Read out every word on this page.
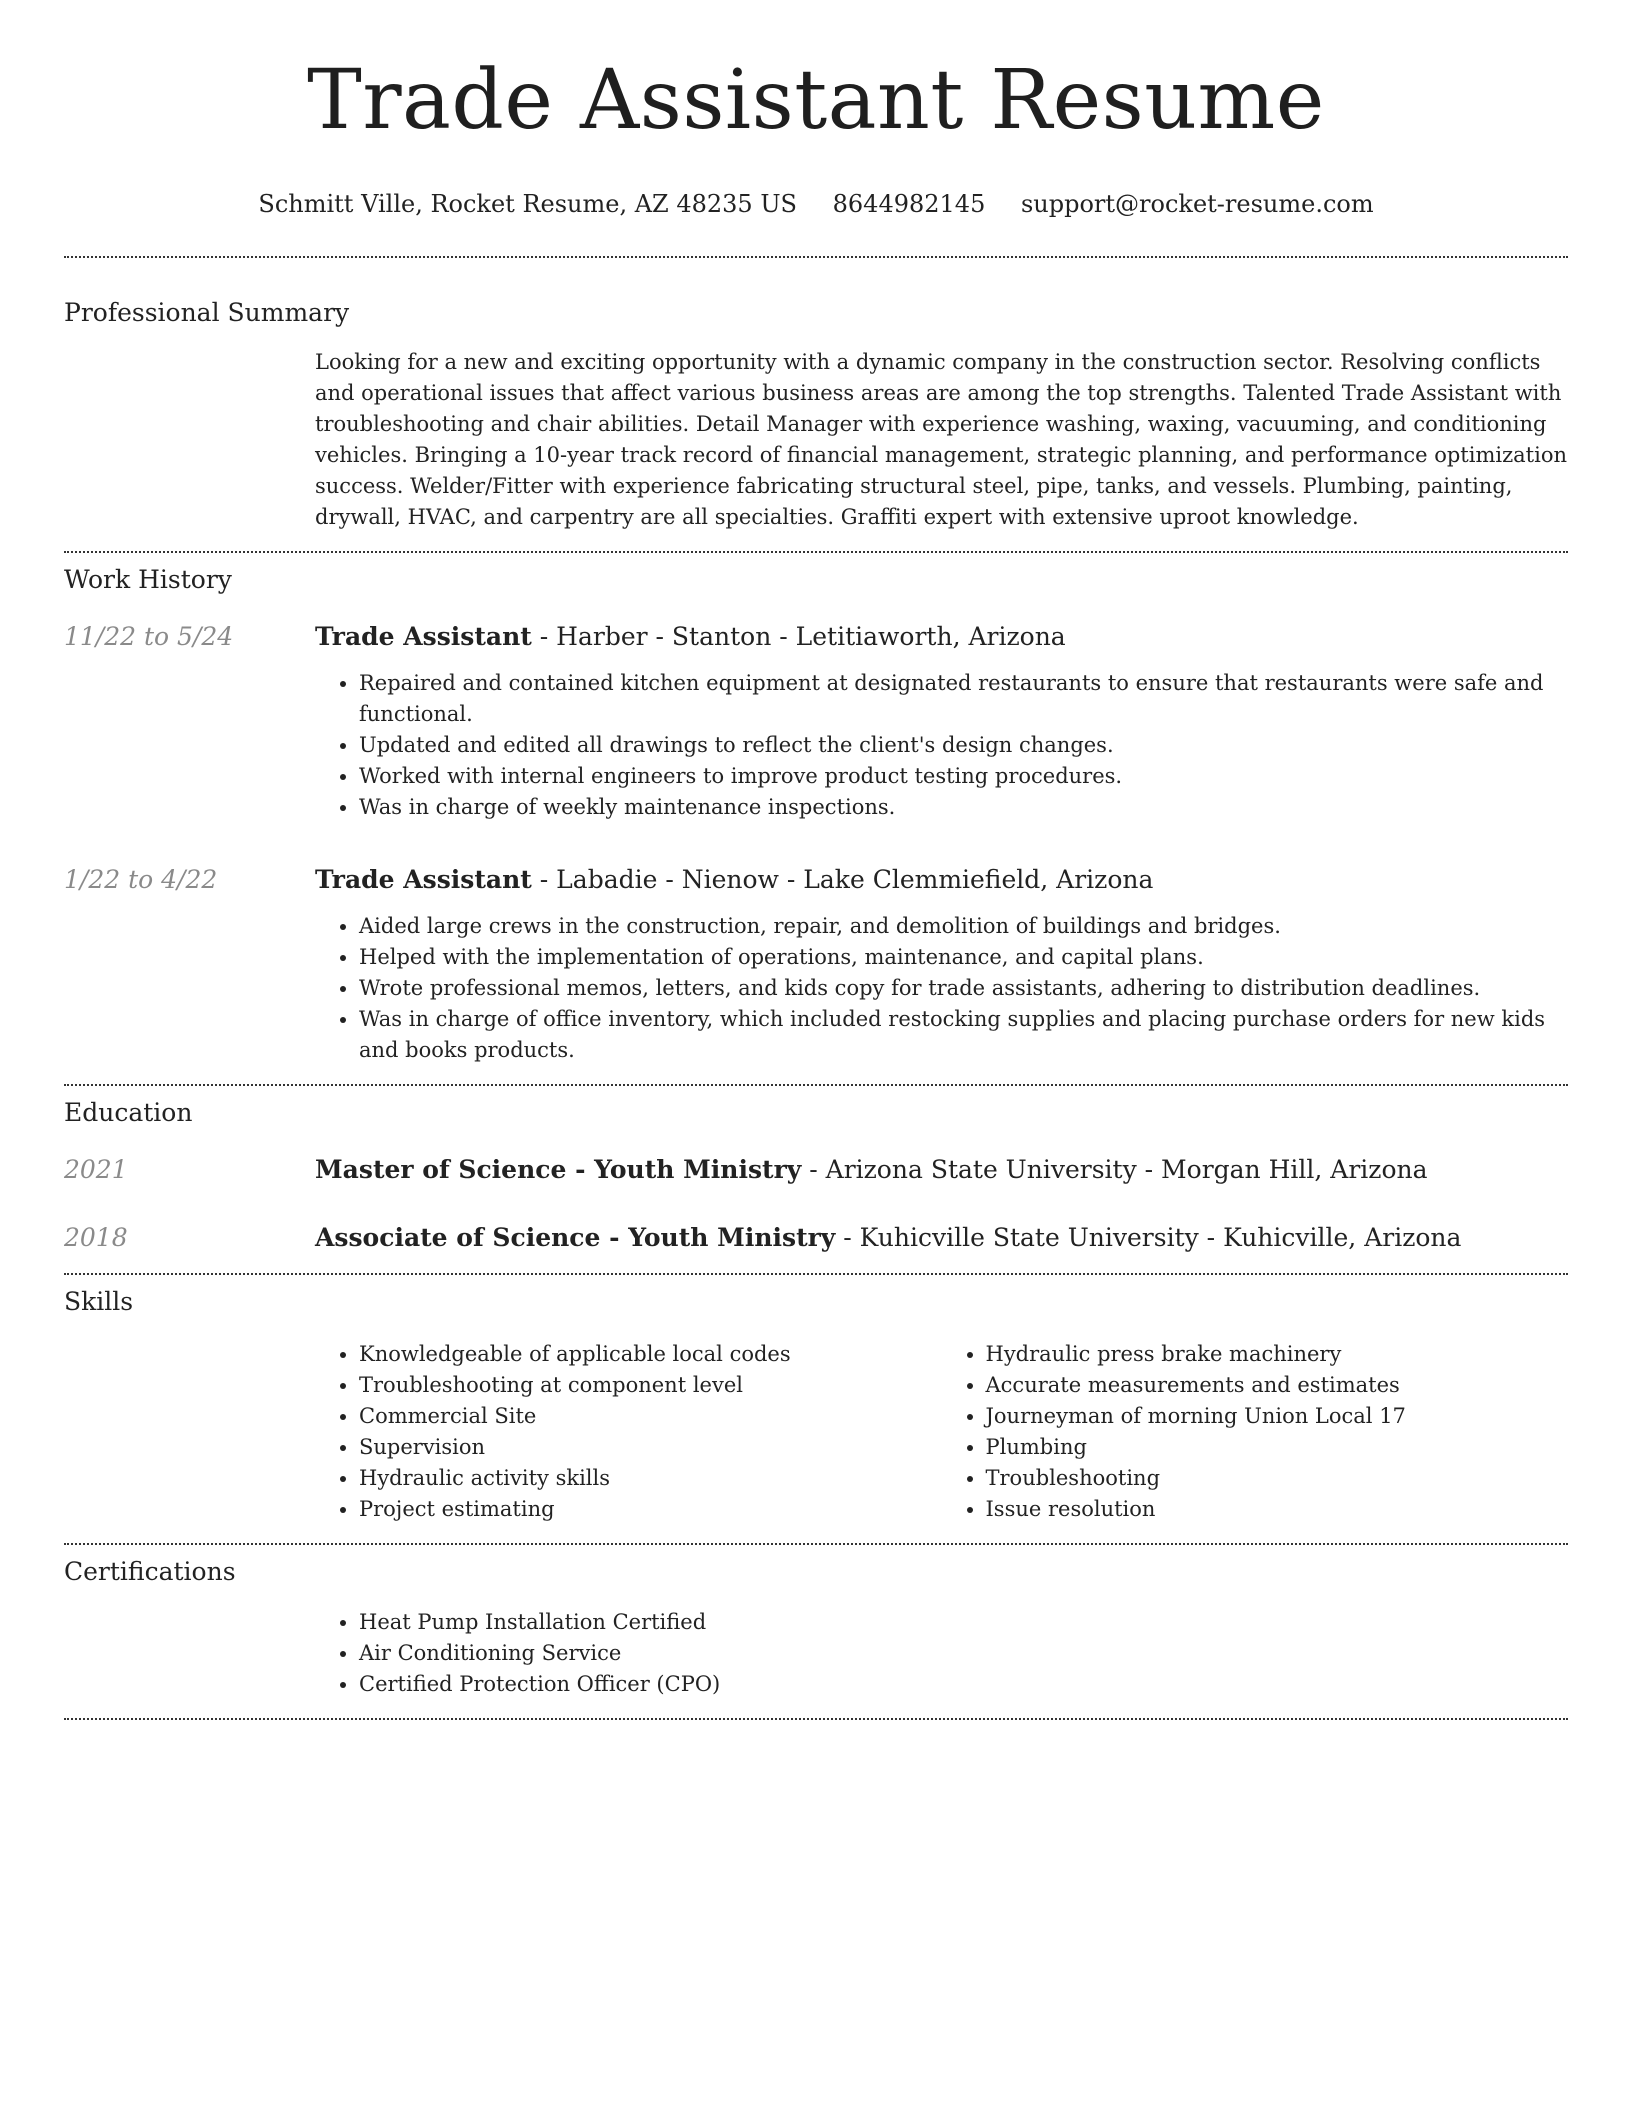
Trade Assistant Resume
Schmitt Ville, Rocket Resume, AZ 48235 US 8644982145 support@rocket-resume.com
Professional Summary

Looking for a new and exciting opportunity with a dynamic company in the construction sector. Resolving conflicts and operational issues that affect various business areas are among the top strengths. Talented Trade Assistant with troubleshooting and chair abilities. Detail Manager with experience washing, waxing, vacuuming, and conditioning vehicles. Bringing a 10-year track record of financial management, strategic planning, and performance optimization success. Welder/Fitter with experience fabricating structural steel, pipe, tanks, and vessels. Plumbing, painting, drywall, HVAC, and carpentry are all specialties. Graffiti expert with extensive uproot knowledge.

Work History
11/22 to 5/24	Trade Assistant - Harber - Stanton - Letitiaworth, Arizona
• Repaired and contained kitchen equipment at designated restaurants to ensure that restaurants were safe and functional.
• Updated and edited all drawings to reflect the client's design changes.
• Worked with internal engineers to improve product testing procedures.
• Was in charge of weekly maintenance inspections.
1/22 to 4/22	Trade Assistant - Labadie - Nienow - Lake Clemmiefield, Arizona
• Aided large crews in the construction, repair, and demolition of buildings and bridges.
• Helped with the implementation of operations, maintenance, and capital plans.
• Wrote professional memos, letters, and kids copy for trade assistants, adhering to distribution deadlines.
• Was in charge of office inventory, which included restocking supplies and placing purchase orders for new kids and books products.
Education
2021	Master of Science - Youth Ministry - Arizona State University - Morgan Hill, Arizona
2018	Associate of Science - Youth Ministry - Kuhicville State University - Kuhicville, Arizona
Skills
• Knowledgeable of applicable local codes
• Troubleshooting at component level
• Commercial Site
• Supervision
• Hydraulic activity skills
• Project estimating
• Hydraulic press brake machinery
• Accurate measurements and estimates
• Journeyman of morning Union Local 17
• Plumbing
• Troubleshooting
• Issue resolution
Certifications
• Heat Pump Installation Certified
• Air Conditioning Service
• Certified Protection Officer (CPO)
